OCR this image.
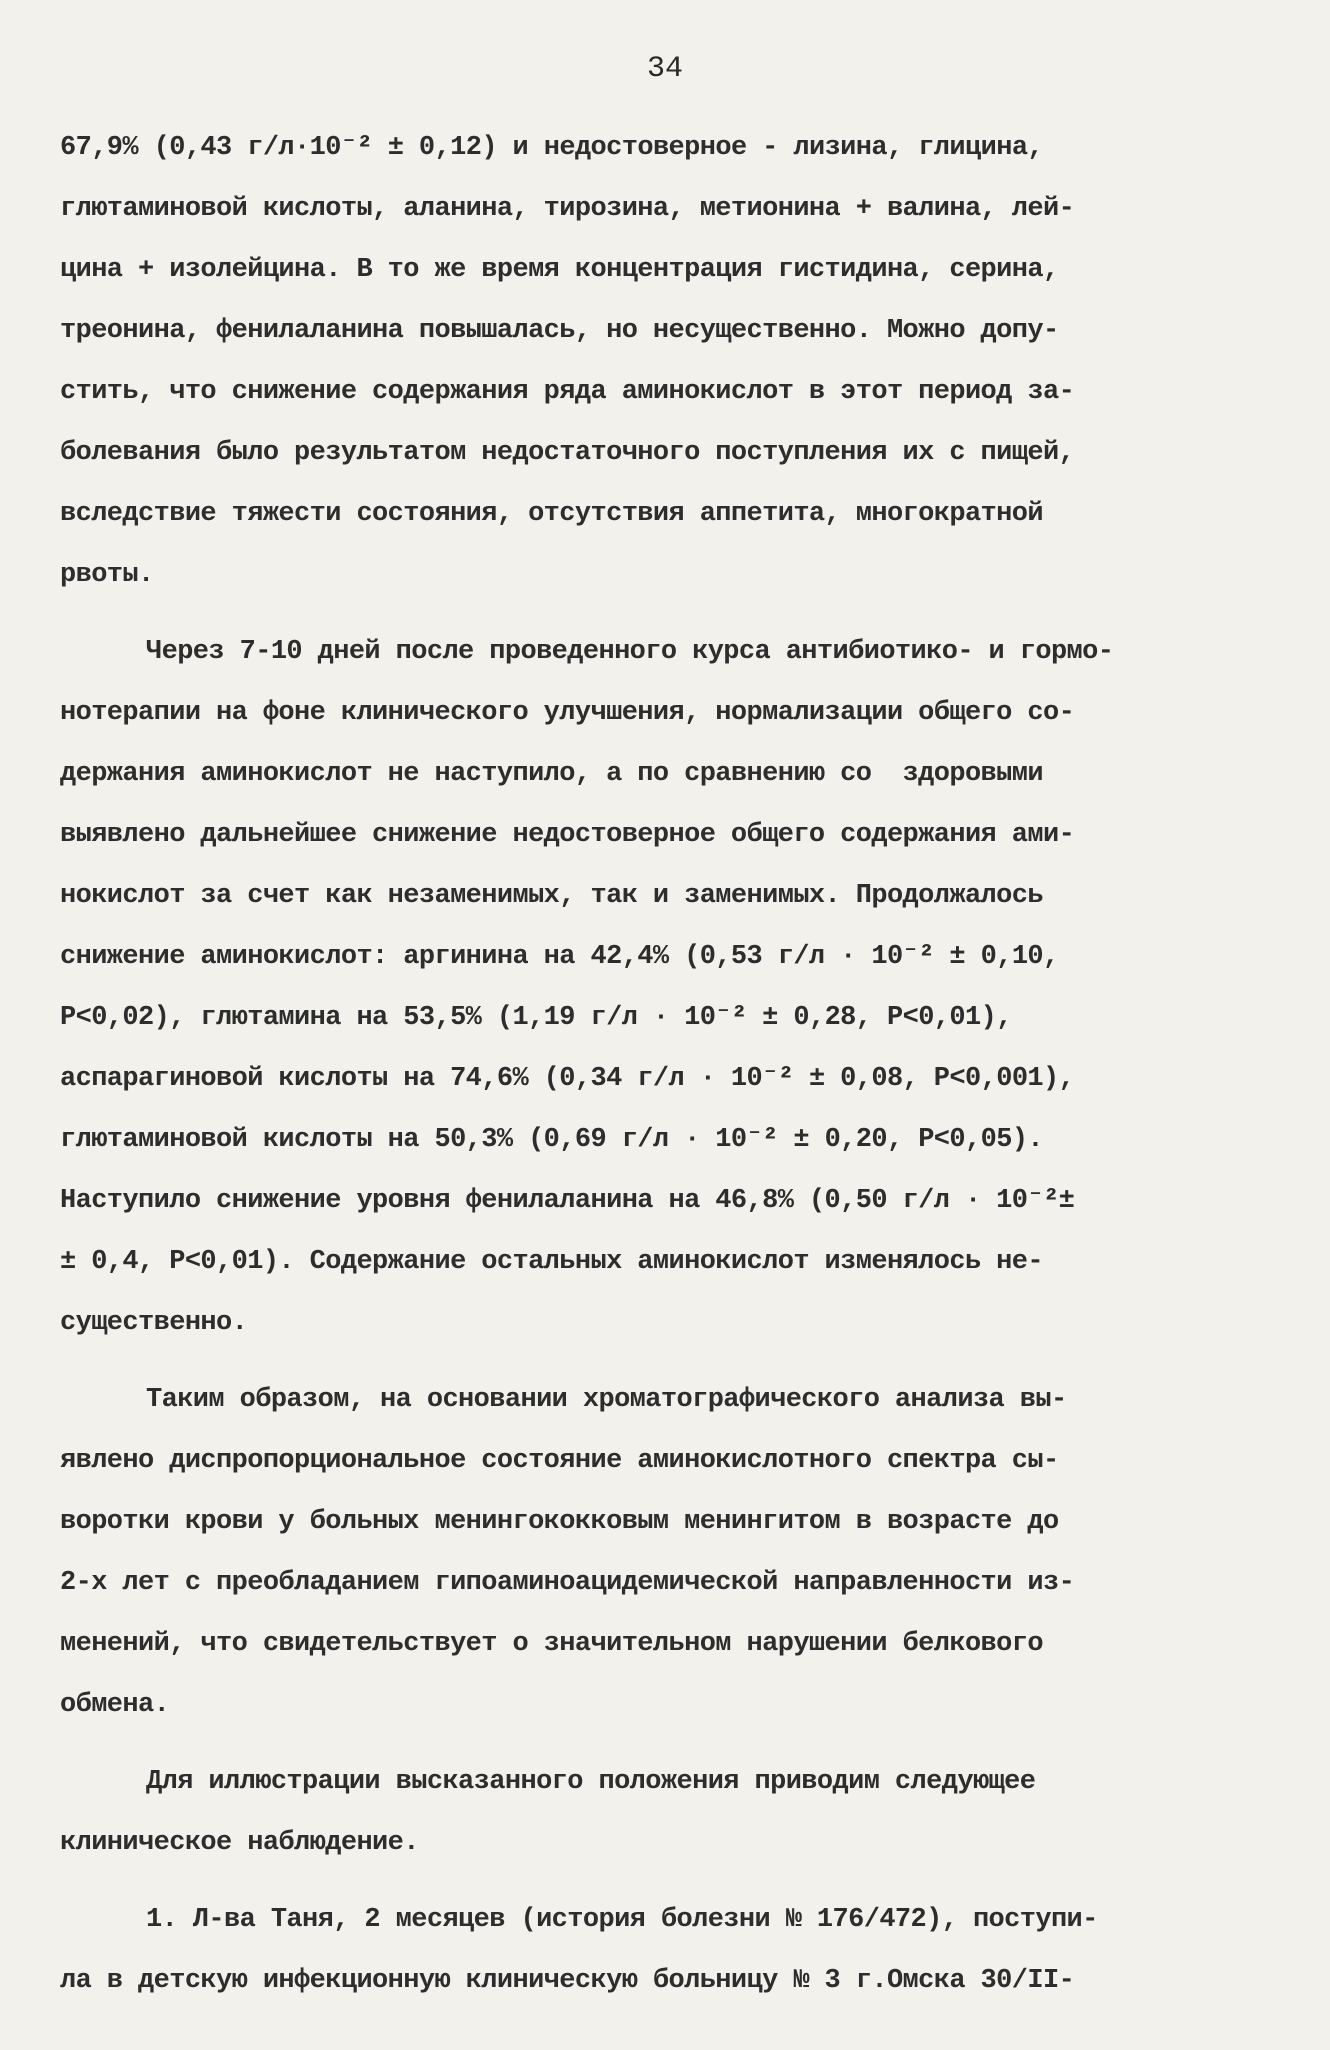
34
67,9% (0,43 г/л·10⁻² ± 0,12) и недостоверное - лизина, глицина,
глютаминовой кислоты, аланина, тирозина, метионина + валина, лей-
цина + изолейцина. В то же время концентрация гистидина, серина,
треонина, фенилаланина повышалась, но несущественно. Можно допу-
стить, что снижение содержания ряда аминокислот в этот период за-
болевания было результатом недостаточного поступления их с пищей,
вследствие тяжести состояния, отсутствия аппетита, многократной
рвоты.
Через 7-10 дней после проведенного курса антибиотико- и гормо-
нотерапии на фоне клинического улучшения, нормализации общего со-
держания аминокислот не наступило, а по сравнению со  здоровыми
выявлено дальнейшее снижение недостоверное общего содержания ами-
нокислот за счет как незаменимых, так и заменимых. Продолжалось
снижение аминокислот: аргинина на 42,4% (0,53 г/л · 10⁻² ± 0,10,
P<0,02), глютамина на 53,5% (1,19 г/л · 10⁻² ± 0,28, P<0,01),
аспарагиновой кислоты на 74,6% (0,34 г/л · 10⁻² ± 0,08, P<0,001),
глютаминовой кислоты на 50,3% (0,69 г/л · 10⁻² ± 0,20, P<0,05).
Наступило снижение уровня фенилаланина на 46,8% (0,50 г/л · 10⁻²±
± 0,4, P<0,01). Содержание остальных аминокислот изменялось не-
существенно.
Таким образом, на основании хроматографического анализа вы-
явлено диспропорциональное состояние аминокислотного спектра сы-
воротки крови у больных менингококковым менингитом в возрасте до
2-х лет с преобладанием гипоаминоацидемической направленности из-
менений, что свидетельствует о значительном нарушении белкового
обмена.
Для иллюстрации высказанного положения приводим следующее
клиническое наблюдение.
1. Л-ва Таня, 2 месяцев (история болезни № 176/472), поступи-
ла в детскую инфекционную клиническую больницу № 3 г.Омска 30/II-
